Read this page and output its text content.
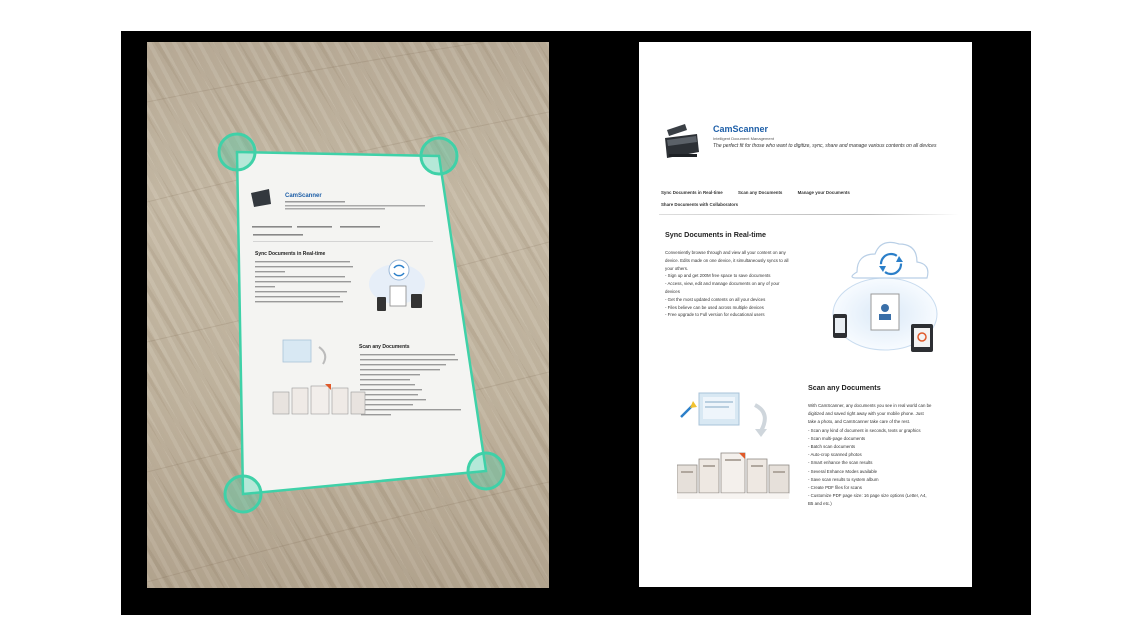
CamScanner
Sync Documents in Real-time
Scan any Documents
CamScanner
Intelligent Document Management
The perfect fit for those who want to digitize, sync, share and manage various contents on all devices
Sync Documents in Real-time	Scan any Documents	Manage your Documents
Share Documents with Collaborators
Sync Documents in Real-time

Conveniently browse through and view all your content on any

device. Edits made on one device, it simultaneously syncs to all

your others.

- Sign up and get 200M free space to save documents

- Access, view, edit and manage documents on any of your

devices

- Get the most updated contents on all your devices

- Files believe can be used across multiple devices

- Free upgrade to Full version for educational users

Scan any Documents

With CamScanner, any documents you see in real world can be

digitized and saved right away with your mobile phone. Just

take a photo, and CamScanner take care of the rest.

- Scan any kind of document in seconds, texts or graphics

- Scan multi-page documents

- Batch scan documents

- Auto-crop scanned photos

- Smart enhance the scan results

- Several Enhance Modes available

- Save scan results to system album

- Create PDF files for scans

- Customize PDF page size: 16 page size options (Letter, A4,

B5 and etc.)
